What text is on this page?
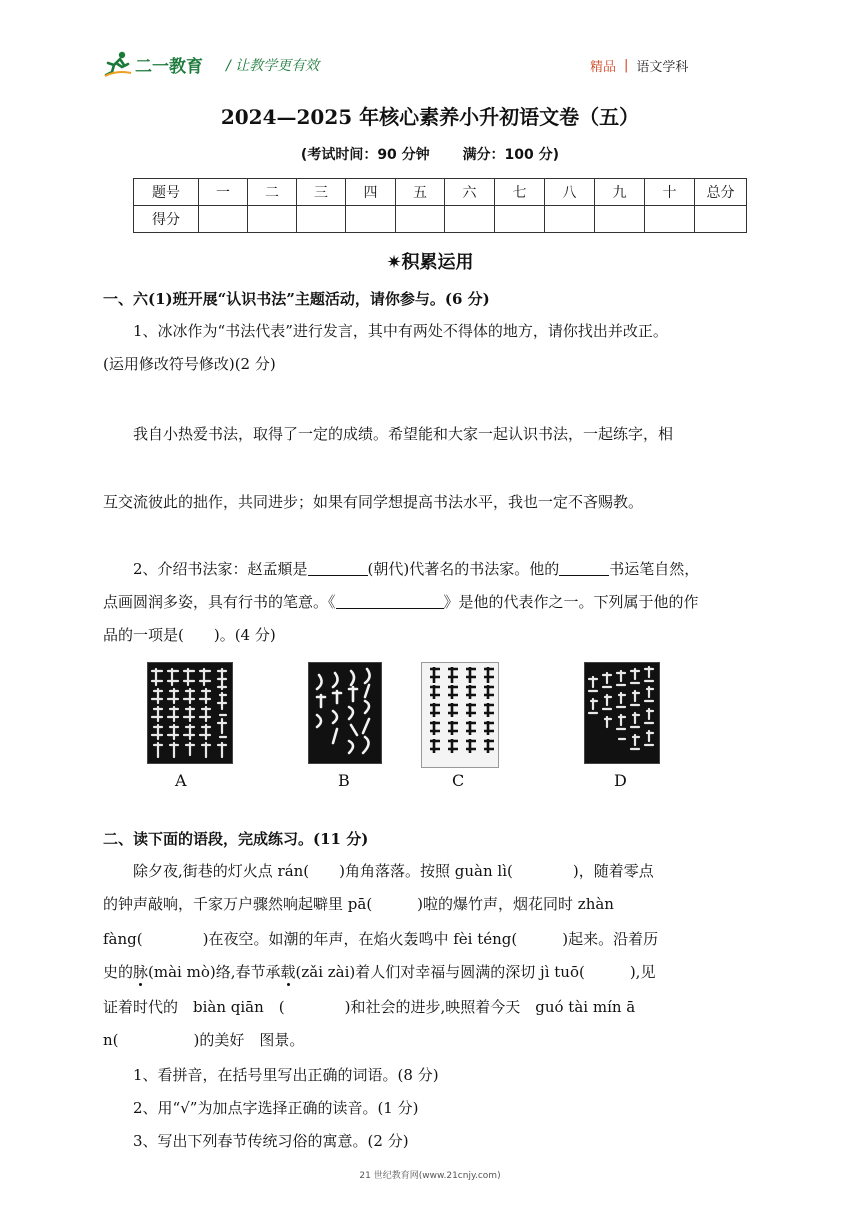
二一教育 / 让教学更有效	精品 | 语文学科
2024—2025 年核心素养小升初语文卷（五）
(考试时间：90 分钟 满分：100 分)
题号	一	二	三	四	五	六	七	八	九	十	总分
得分											
✷积累运用
一、六(1)班开展“认识书法”主题活动，请你参与。(6 分)
1、冰冰作为“书法代表”进行发言，其中有两处不得体的地方，请你找出并改正。
(运用修改符号修改)(2 分)
我自小热爱书法，取得了一定的成绩。希望能和大家一起认识书法，一起练字，相
互交流彼此的拙作，共同进步；如果有同学想提高书法水平，我也一定不吝赐教。
2、介绍书法家：赵孟頫是	(朝代)代著名的书法家。他的	书运笔自然，
点画圆润多姿，具有行书的笔意。《	》是他的代表作之一。下列属于他的作
品的一项是(　　)。(4 分)
A	B	C	D
二、读下面的语段，完成练习。(11 分)
除夕夜,街巷的灯火点 rán(　　)角角落落。按照 guàn lì(　　　　)，随着零点
的钟声敲响，千家万户骤然响起噼里 pā(　　　)啦的爆竹声，烟花同时 zhàn
fàng(　　　　)在夜空。如潮的年声，在焰火轰鸣中 fèi téng(　　　)起来。沿着历
史的脉(mài mò)络,春节承载(zǎi zài)着人们对幸福与圆满的深切 jì tuō(　　　),见
证着时代的　biàn qiān　(　　　　)和社会的进步,映照着今天　guó tài mín ā
n(　　　　　)的美好　图景。
1、看拼音，在括号里写出正确的词语。(8 分)
2、用“√”为加点字选择正确的读音。(1 分)
3、写出下列春节传统习俗的寓意。(2 分)
21 世纪教育网(www.21cnjy.com)
